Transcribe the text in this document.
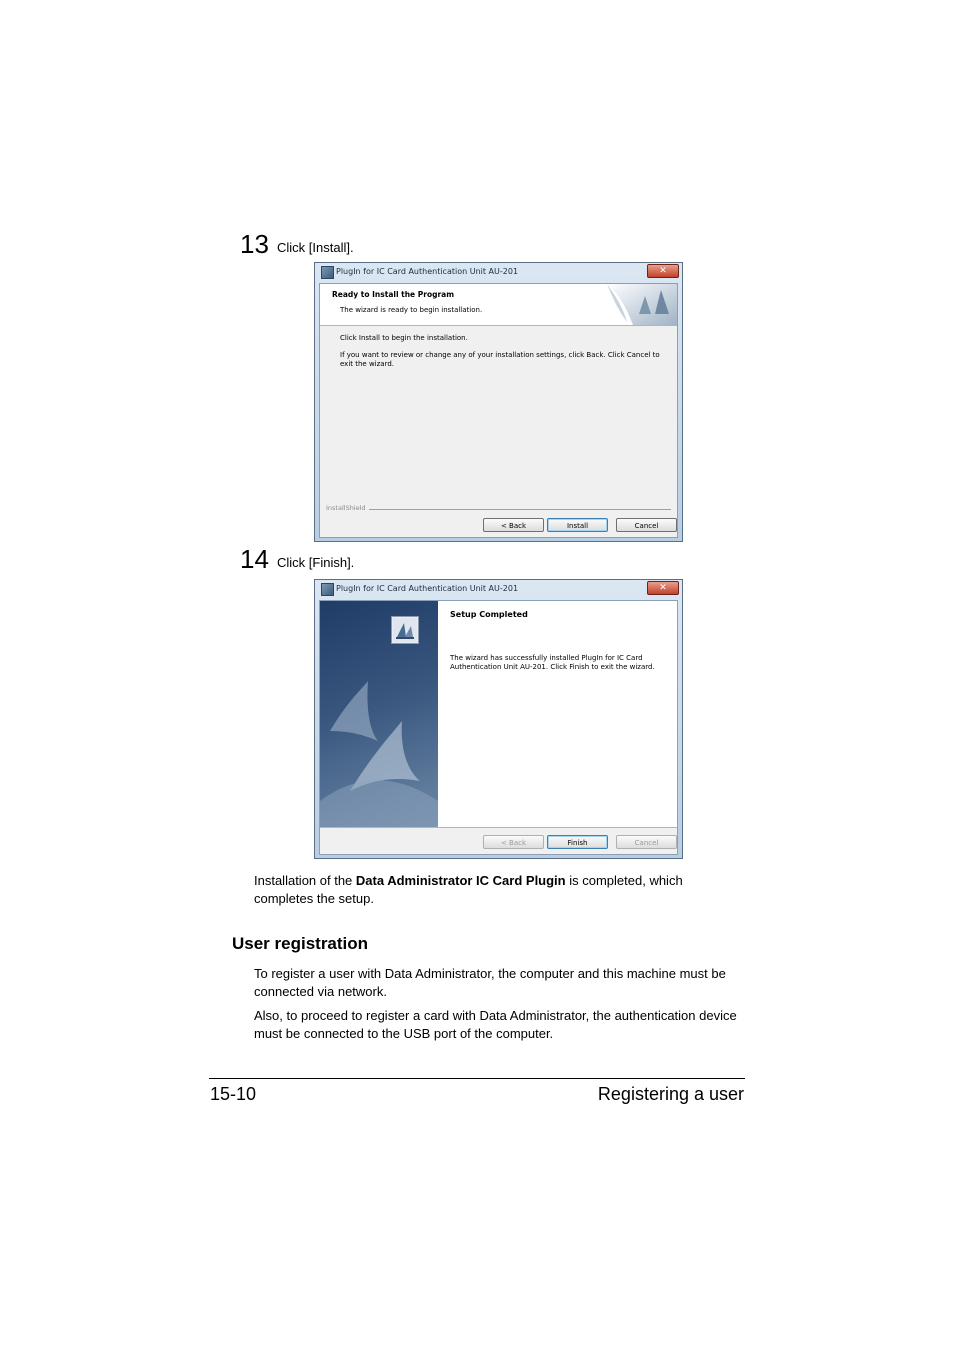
13 Click [Install].
PlugIn for IC Card Authentication Unit AU-201	✕
Ready to Install the Program
The wizard is ready to begin installation.
Click Install to begin the installation.
If you want to review or change any of your installation settings, click Back. Click Cancel to exit the wizard.
InstallShield
< Back	Install	Cancel
14 Click [Finish].
PlugIn for IC Card Authentication Unit AU-201	✕
Setup Completed
The wizard has successfully installed PlugIn for IC Card Authentication Unit AU-201. Click Finish to exit the wizard.
< Back	Finish	Cancel
Installation of the Data Administrator IC Card Plugin is completed, which completes the setup.
User registration
To register a user with Data Administrator, the computer and this machine must be connected via network.
Also, to proceed to register a card with Data Administrator, the authentication device must be connected to the USB port of the computer.
15-10	Registering a user
